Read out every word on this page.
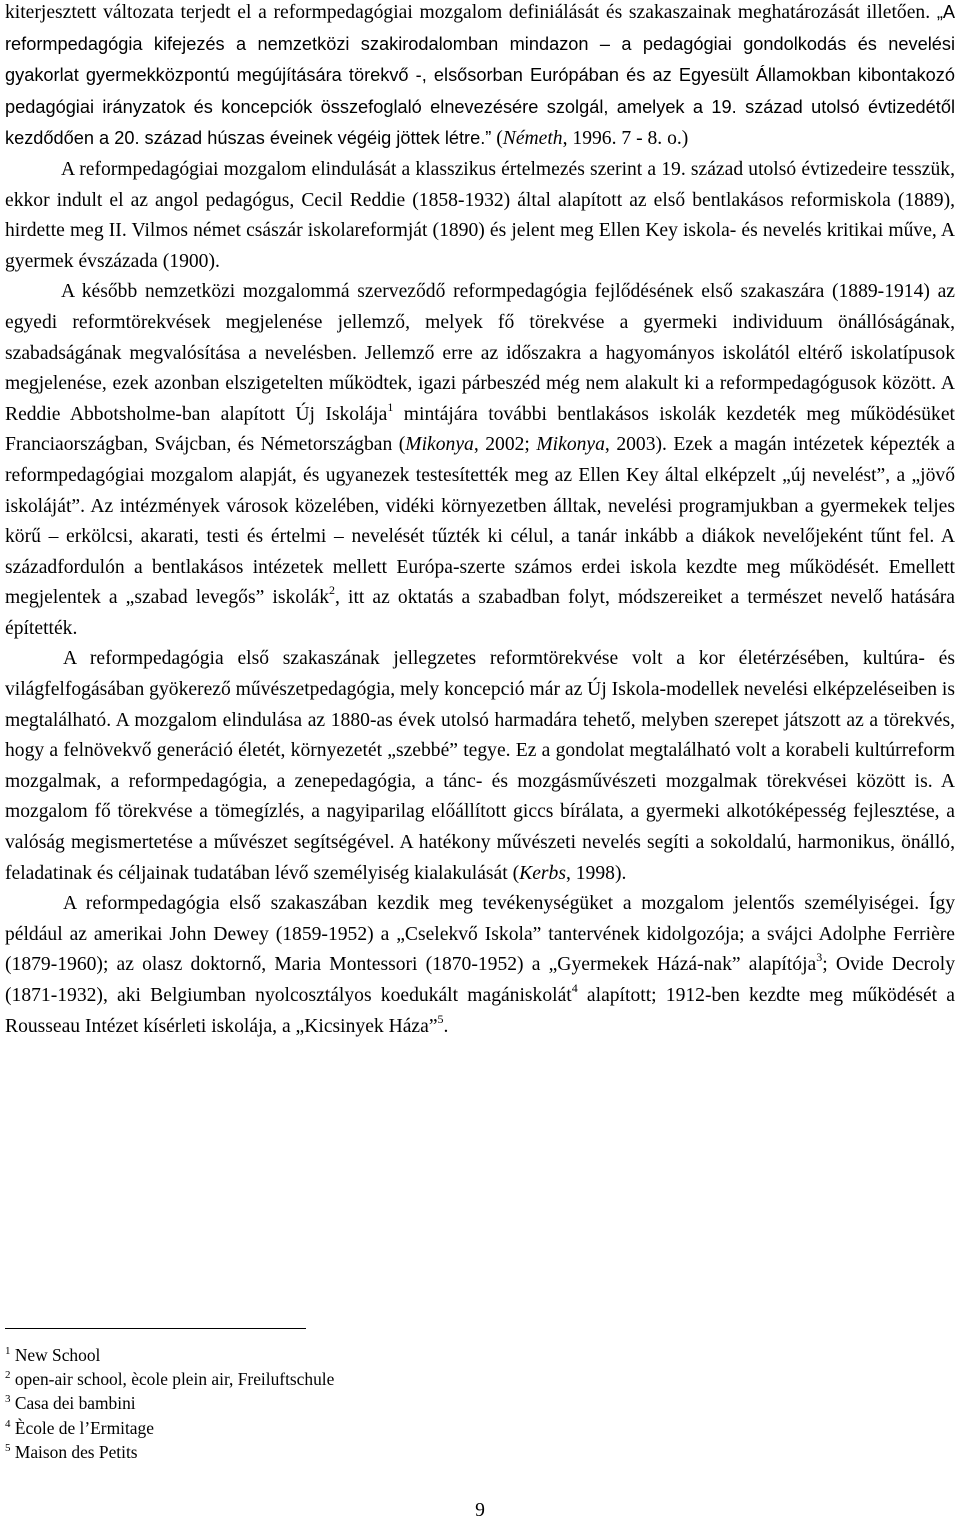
kiterjesztett változata terjedt el a reformpedagógiai mozgalom definiálását és szakaszainak meghatározását illetően. „A reformpedagógia kifejezés a nemzetközi szakirodalomban mindazon – a pedagógiai gondolkodás és nevelési gyakorlat gyermekközpontú megújítására törekvő -, elsősorban Európában és az Egyesült Államokban kibontakozó pedagógiai irányzatok és koncepciók összefoglaló elnevezésére szolgál, amelyek a 19. század utolsó évtizedétől kezdődően a 20. század húszas éveinek végéig jöttek létre.” (Németh, 1996. 7 - 8. o.)

A reformpedagógiai mozgalom elindulását a klasszikus értelmezés szerint a 19. század utolsó évtizedeire tesszük, ekkor indult el az angol pedagógus, Cecil Reddie (1858-1932) által alapított az első bentlakásos reformiskola (1889), hirdette meg II. Vilmos német császár iskolareformját (1890) és jelent meg Ellen Key iskola- és nevelés kritikai műve, A gyermek évszázada (1900).

A később nemzetközi mozgalommá szerveződő reformpedagógia fejlődésének első szakaszára (1889-1914) az egyedi reformtörekvések megjelenése jellemző, melyek fő törekvése a gyermeki individuum önállóságának, szabadságának megvalósítása a nevelésben. Jellemző erre az időszakra a hagyományos iskolától eltérő iskolatípusok megjelenése, ezek azonban elszigetelten működtek, igazi párbeszéd még nem alakult ki a reformpedagógusok között. A Reddie Abbotsholme-ban alapított Új Iskolája$^1$ mintájára további bentlakásos iskolák kezdeték meg működésüket Franciaországban, Svájcban, és Németországban (Mikonya, 2002; Mikonya, 2003). Ezek a magán intézetek képezték a reformpedagógiai mozgalom alapját, és ugyanezek testesítették meg az Ellen Key által elképzelt „új nevelést”, a „jövő iskoláját”. Az intézmények városok közelében, vidéki környezetben álltak, nevelési programjukban a gyermekek teljes körű – erkölcsi, akarati, testi és értelmi – nevelését tűzték ki célul, a tanár inkább a diákok nevelőjeként tűnt fel. A századfordulón a bentlakásos intézetek mellett Európa-szerte számos erdei iskola kezdte meg működését. Emellett megjelentek a „szabad levegős” iskolák$^2$, itt az oktatás a szabadban folyt, módszereiket a természet nevelő hatására építették.

A reformpedagógia első szakaszának jellegzetes reformtörekvése volt a kor életérzésében, kultúra- és világfelfogásában gyökerező művészetpedagógia, mely koncepció már az Új Iskola-modellek nevelési elképzeléseiben is megtalálható. A mozgalom elindulása az 1880-as évek utolsó harmadára tehető, melyben szerepet játszott az a törekvés, hogy a felnövekvő generáció életét, környezetét „szebbé” tegye. Ez a gondolat megtalálható volt a korabeli kultúrreform mozgalmak, a reformpedagógia, a zenepedagógia, a tánc- és mozgásművészeti mozgalmak törekvései között is. A mozgalom fő törekvése a tömegízlés, a nagyiparilag előállított giccs bírálata, a gyermeki alkotóképesség fejlesztése, a valóság megismertetése a művészet segítségével. A hatékony művészeti nevelés segíti a sokoldalú, harmonikus, önálló, feladatinak és céljainak tudatában lévő személyiség kialakulását (Kerbs, 1998).

A reformpedagógia első szakaszában kezdik meg tevékenységüket a mozgalom jelentős személyiségei. Így például az amerikai John Dewey (1859-1952) a „Cselekvő Iskola” tantervének kidolgozója; a svájci Adolphe Ferrière (1879-1960); az olasz doktornő, Maria Montessori (1870-1952) a „Gyermekek Házá-nak” alapítója$^3$; Ovide Decroly (1871-1932), aki Belgiumban nyolcosztályos koedukált magániskolát$^4$ alapított; 1912-ben kezdte meg működését a Rousseau Intézet kísérleti iskolája, a „Kicsinyek Háza”$^5$.

$^1$ New School

$^2$ open-air school, ècole plein air, Freiluftschule

$^3$ Casa dei bambini

$^4$ Ècole de l’Ermitage

$^5$ Maison des Petits

9
